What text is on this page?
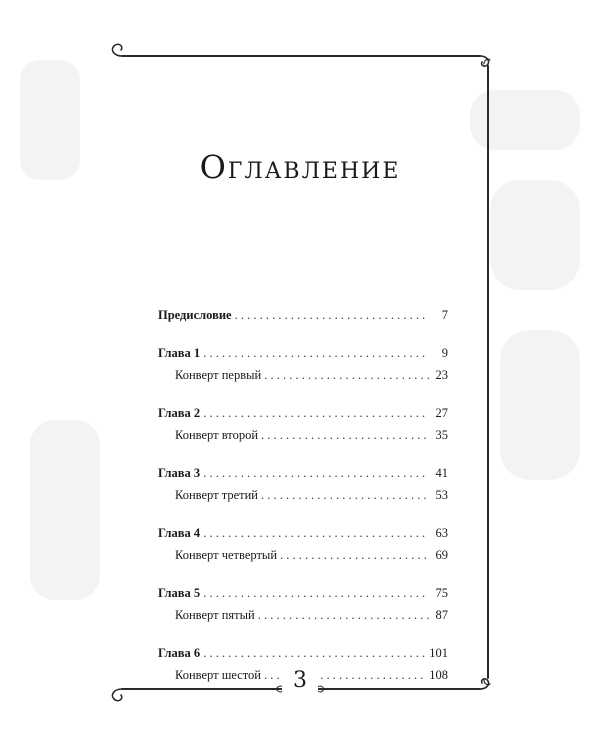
Оглавление
Предисловие . . .	7
Глава 1 . . .	9
Конверт первый . . .	23
Глава 2 . . .	27
Конверт второй . . .	35
Глава 3 . . .	41
Конверт третий . . .	53
Глава 4 . . .	63
Конверт четвертый . . .	69
Глава 5 . . .	75
Конверт пятый . . .	87
Глава 6 . . .	101
Конверт шестой . . .	108
3
